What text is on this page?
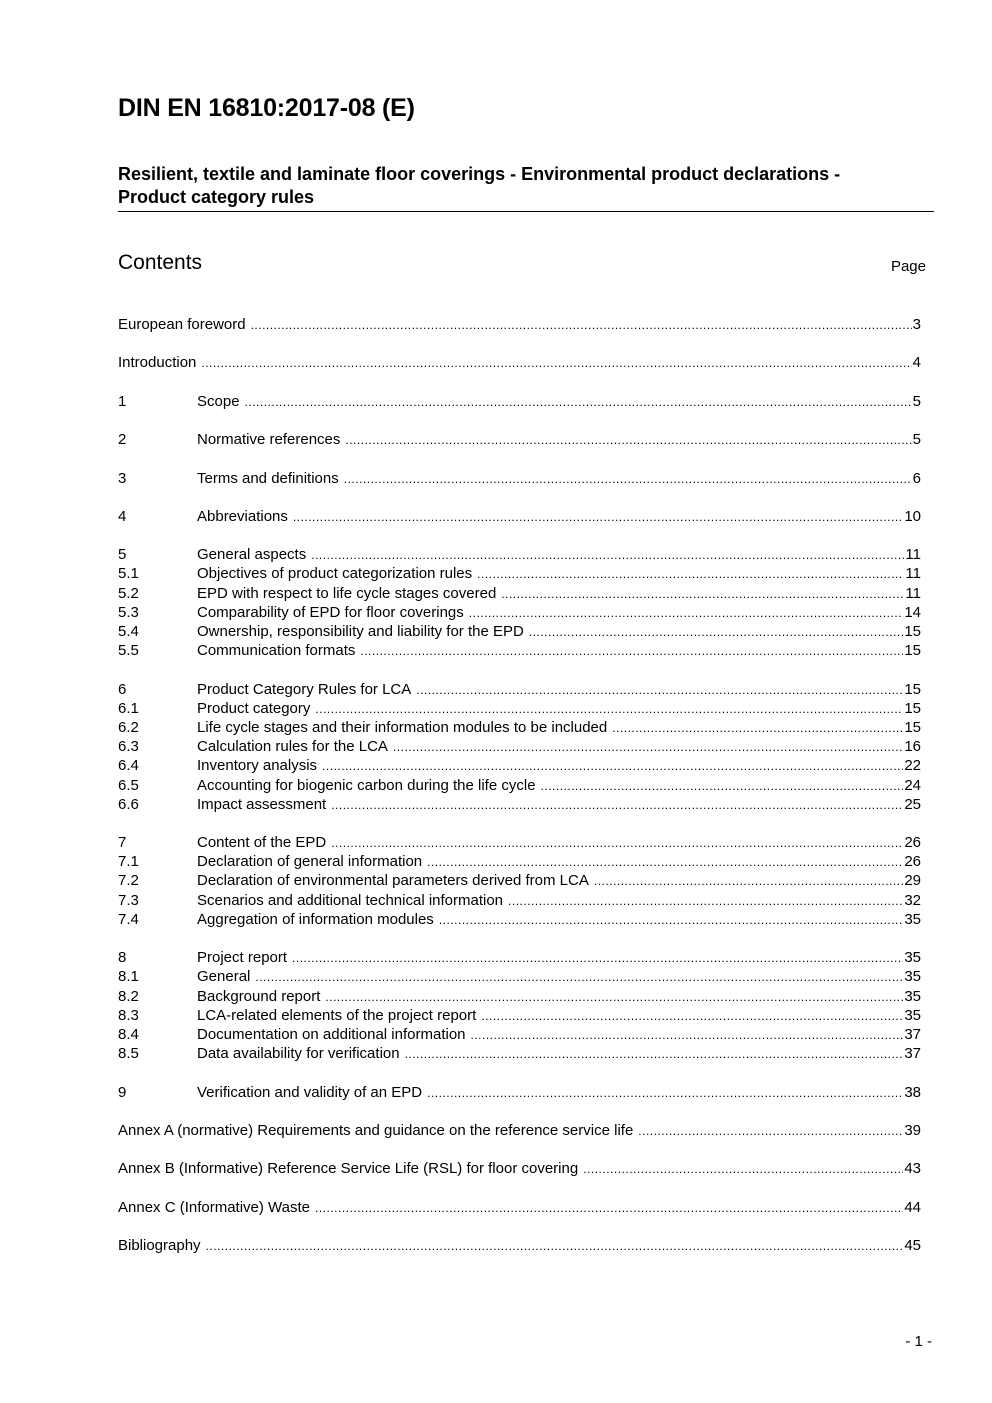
DIN EN 16810:2017-08 (E)
Resilient, textile and laminate floor coverings - Environmental product declarations -
Product category rules
Contents	Page
European foreword .....	3
Introduction .....	4
1	Scope .....	5
2	Normative references .....	5
3	Terms and definitions .....	6
4	Abbreviations .....	10
5	General aspects .....	11
5.1	Objectives of product categorization rules .....	11
5.2	EPD with respect to life cycle stages covered .....	11
5.3	Comparability of EPD for floor coverings .....	14
5.4	Ownership, responsibility and liability for the EPD .....	15
5.5	Communication formats .....	15
6	Product Category Rules for LCA .....	15
6.1	Product category .....	15
6.2	Life cycle stages and their information modules to be included .....	15
6.3	Calculation rules for the LCA .....	16
6.4	Inventory analysis .....	22
6.5	Accounting for biogenic carbon during the life cycle .....	24
6.6	Impact assessment .....	25
7	Content of the EPD .....	26
7.1	Declaration of general information .....	26
7.2	Declaration of environmental parameters derived from LCA .....	29
7.3	Scenarios and additional technical information .....	32
7.4	Aggregation of information modules .....	35
8	Project report .....	35
8.1	General .....	35
8.2	Background report .....	35
8.3	LCA-related elements of the project report .....	35
8.4	Documentation on additional information .....	37
8.5	Data availability for verification .....	37
9	Verification and validity of an EPD .....	38
Annex A (normative) Requirements and guidance on the reference service life .....	39
Annex B (Informative) Reference Service Life (RSL) for floor covering .....	43
Annex C (Informative) Waste .....	44
Bibliography .....	45
- 1 -
